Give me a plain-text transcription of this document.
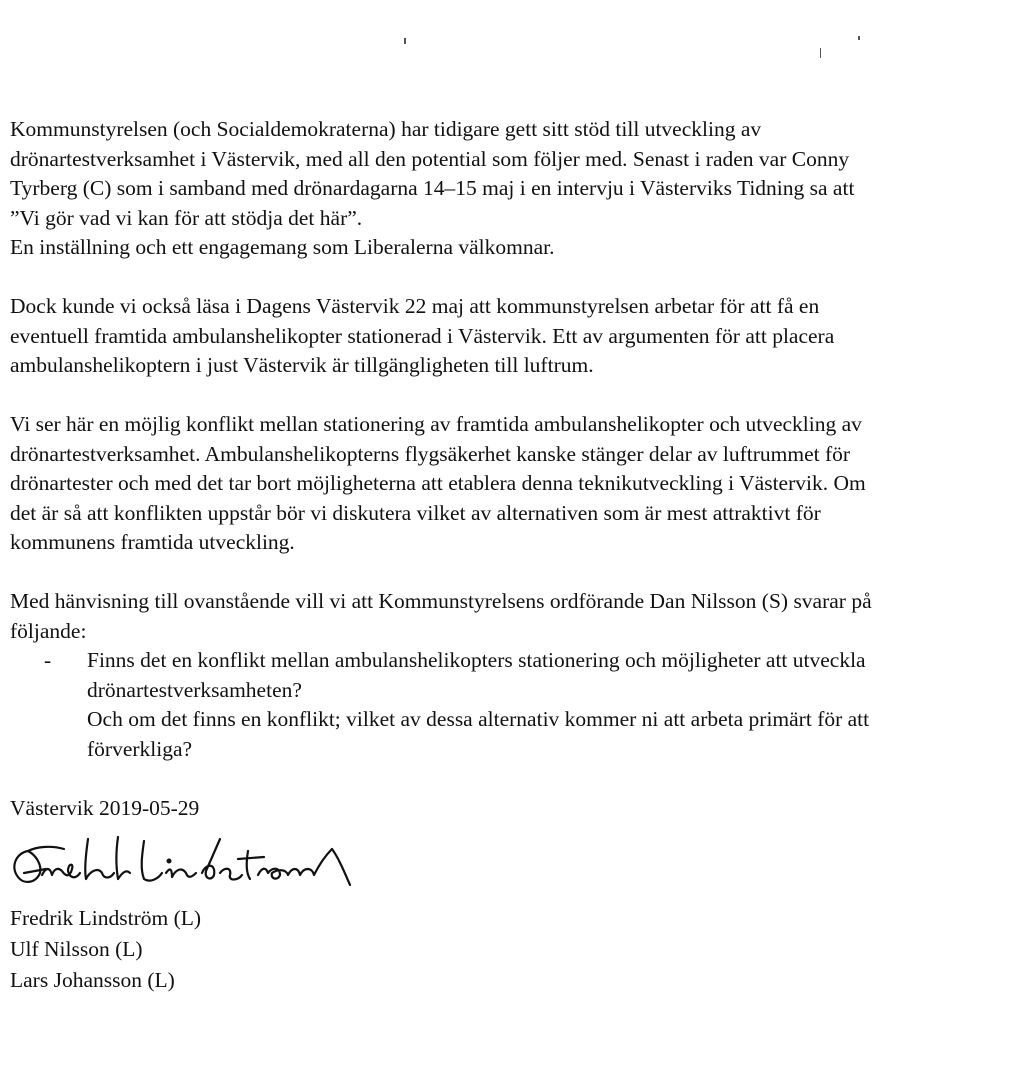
Kommunstyrelsen (och Socialdemokraterna) har tidigare gett sitt stöd till utveckling av
drönartestverksamhet i Västervik, med all den potential som följer med. Senast i raden var Conny
Tyrberg (C) som i samband med drönardagarna 14–15 maj i en intervju i Västerviks Tidning sa att
”Vi gör vad vi kan för att stödja det här”.
En inställning och ett engagemang som Liberalerna välkomnar.

Dock kunde vi också läsa i Dagens Västervik 22 maj att kommunstyrelsen arbetar för att få en
eventuell framtida ambulanshelikopter stationerad i Västervik. Ett av argumenten för att placera
ambulanshelikoptern i just Västervik är tillgängligheten till luftrum.

Vi ser här en möjlig konflikt mellan stationering av framtida ambulanshelikopter och utveckling av
drönartestverksamhet. Ambulanshelikopterns flygsäkerhet kanske stänger delar av luftrummet för
drönartester och med det tar bort möjligheterna att etablera denna teknikutveckling i Västervik. Om
det är så att konflikten uppstår bör vi diskutera vilket av alternativen som är mest attraktivt för
kommunens framtida utveckling.

Med hänvisning till ovanstående vill vi att Kommunstyrelsens ordförande Dan Nilsson (S) svarar på
följande:

- Finns det en konflikt mellan ambulanshelikopters stationering och möjligheter att utveckla
drönartestverksamheten?
Och om det finns en konflikt; vilket av dessa alternativ kommer ni att arbeta primärt för att
förverkliga?

Västervik 2019-05-29

Fredrik Lindström (L)
Ulf Nilsson (L)
Lars Johansson (L)
